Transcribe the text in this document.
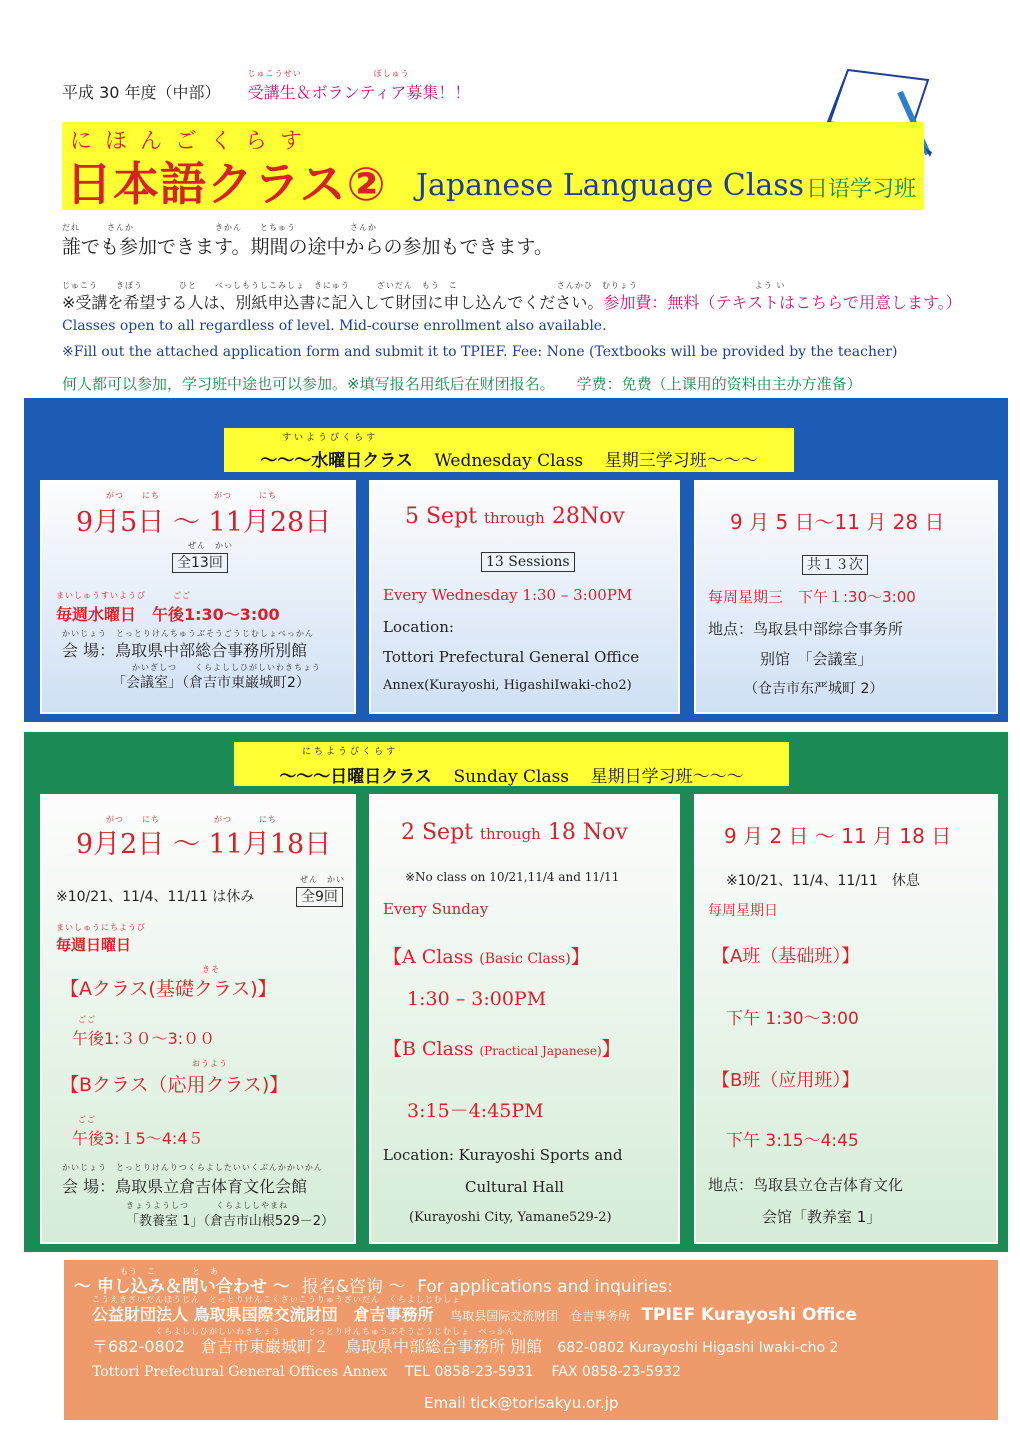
平成 30 年度（中部）
じゅこうせい　　　　　　　　ぼしゅう
受講生＆ボランティア募集！！
にほんごくらす
日本語クラス② Japanese Language Class 日语学习班
だれ　　　さんか　　　　　　　　　きかん　　とちゅう　　　　　　さんか
誰でも参加できます。期間の途中からの参加もできます。
じゅこう　　きぼう　　　　ひと　　べっしもうしこみしょ　きにゅう　　　ざいだん　もう　こ　　　　　　　　　　　さんかひ　むりょう　　　　　　　　　　　　　よう い
※受講を希望する人は、別紙申込書に記入して財団に申し込んでください。参加費：無料（テキストはこちらで用意します。）
Classes open to all regardless of level. Mid-course enrollment also available.
※Fill out the attached application form and submit it to TPIEF. Fee: None (Textbooks will be provided by the teacher)
何人都可以参加，学习班中途也可以参加。※填写报名用纸后在财团报名。 学费：免费（上课用的资料由主办方准备）
すいようびくらす
～～～水曜日クラス Wednesday Class 星期三学习班～～～
がつ　　にち　　　　　　がつ　　　にち
9月5日 ～ 11月28日
ぜん　かい
全13回
まいしゅうすいようび　　　ごご
毎週水曜日　午後1:30～3:00
かいじょう　とっとりけんちゅうぶそうごうじむしょべっかん
会 場：鳥取県中部総合事務所別館
かいぎしつ　　くらよししひがしいわきちょう
「会議室」（倉吉市東巌城町2）
5 Sept through 28Nov
13 Sessions
Every Wednesday 1:30 – 3:00PM
Location:
Tottori Prefectural General Office
Annex(Kurayoshi, HigashiIwaki-cho2)
9 月 5 日～11 月 28 日
共１３次
每周星期三　下午１:30～3:00
地点：鸟取县中部综合事务所
别馆　「会議室」
（仓吉市东严城町 2）
にちようびくらす
～～～日曜日クラス Sunday Class 星期日学习班～～～
がつ　　にち　　　　　　がつ　　　にち
9月2日 ～ 11月18日
※10/21、11/4、11/11 は休み
ぜん　かい
全9回
まいしゅうにちようび
毎週日曜日
きそ
【Aクラス(基礎クラス)】
ごご
午後1:３０～3:００
おうよう
【Bクラス（応用クラス)】
ごご
午後3:１5～4:4５
かいじょう　とっとりけんりつくらよしたいいくぶんかかいかん
会 場：鳥取県立倉吉体育文化会館
きょうようしつ　　　くらよししやまね
「教養室 1」（倉吉市山根529－2）
2 Sept through 18 Nov
※No class on 10/21,11/4 and 11/11
Every Sunday
【A Class (Basic Class)】
1:30 – 3:00PM
【B Class (Practical Japanese)】
3:15－4:45PM
Location: Kurayoshi Sports and
Cultural Hall
(Kurayoshi City, Yamane529-2)
9 月 2 日 ～ 11 月 18 日
※10/21、11/4、11/11　休息
每周星期日
【A班（基础班）】
下午 1:30～3:00
【B班（应用班）】
下午 3:15～4:45
地点：鸟取县立仓吉体育文化
会馆「教养室 1」
もう　こ　　　　と　あ
～ 申し込み＆問い合わせ ～ 报名&咨询 ～ For applications and inquiries:
こうえきざいだんほうじん　とっとりけんこくさいこうりゅうざいだん　くらよしじむしょ
公益財団法人 鳥取県国際交流財団　倉吉事務所 鸟取县国际交流财团　仓吉事务所 TPIEF Kurayoshi Office
　　　　　　　くらよししひがしいわきちょう　　　とっとりけんちゅうぶそうごうじむしょ　べっかん
〒682-0802　倉吉市東巌城町２　鳥取県中部総合事務所 別館 682-0802 Kurayoshi Higashi Iwaki-cho 2
Tottori Prefectural General Offices Annex TEL 0858-23-5931 FAX 0858-23-5932
Email tick@torisakyu.or.jp
